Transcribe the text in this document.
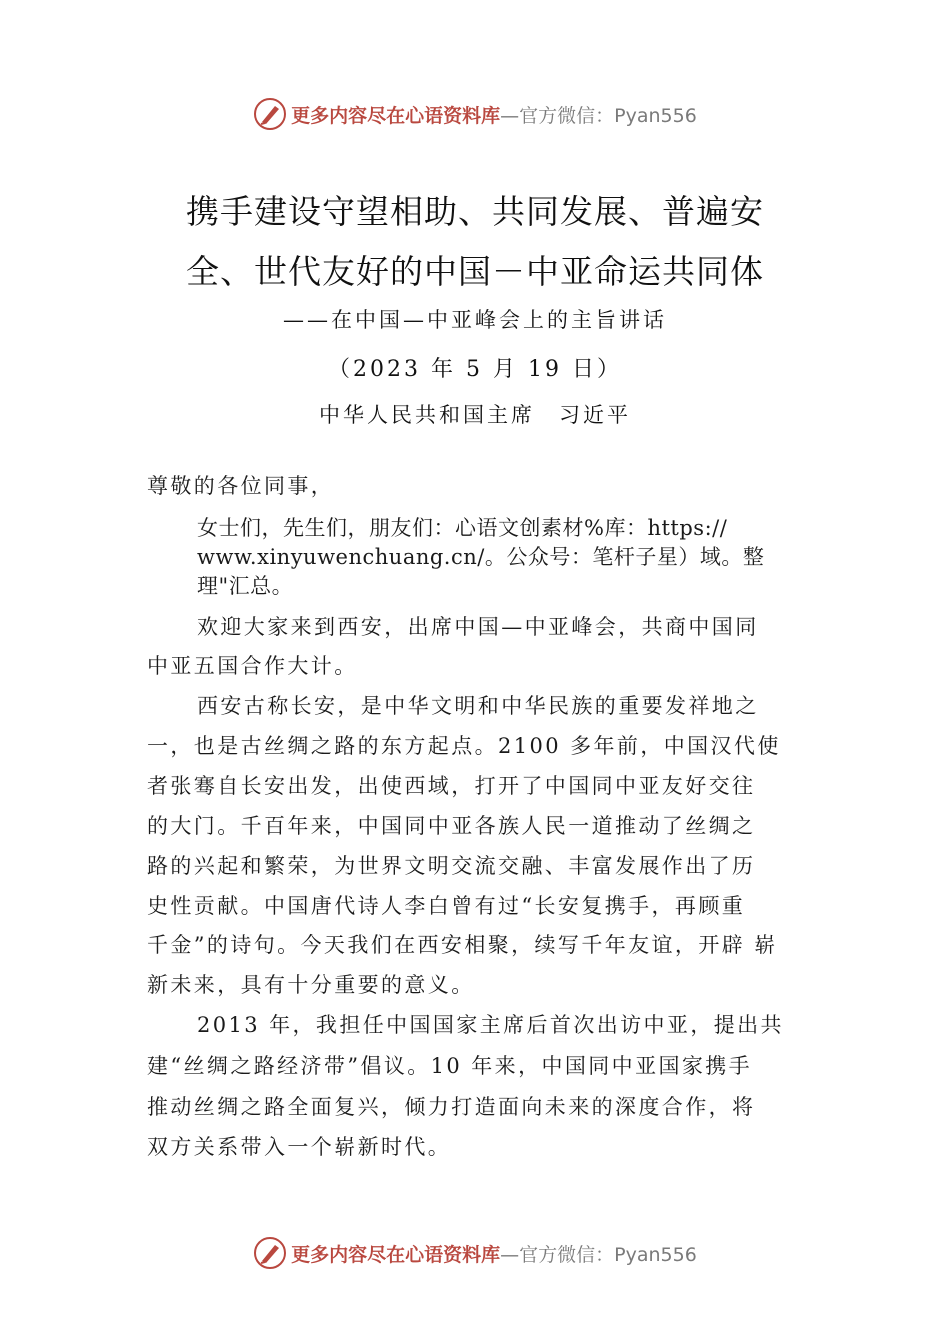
更多内容尽在心语资料库 —官方微信：Pyan556
携手建设守望相助、共同发展、普遍安
全、世代友好的中国－中亚命运共同体
——在中国—中亚峰会上的主旨讲话
（2023 年 5 月 19 日）
中华人民共和国主席　习近平
尊敬的各位同事，
女士们，先生们，朋友们：心语文创素材%库：https://
www.xinyuwenchuang.cn/。公众号：笔杆子星）域。整
理"汇总。
欢迎大家来到西安，出席中国—中亚峰会，共商中国同
中亚五国合作大计。
西安古称长安，是中华文明和中华民族的重要发祥地之
一，也是古丝绸之路的东方起点。2100 多年前，中国汉代使
者张骞自长安出发，出使西域，打开了中国同中亚友好交往
的大门。千百年来，中国同中亚各族人民一道推动了丝绸之
路的兴起和繁荣，为世界文明交流交融、丰富发展作出了历
史性贡献。中国唐代诗人李白曾有过“长安复携手，再顾重
千金”的诗句。今天我们在西安相聚，续写千年友谊，开辟 崭
新未来，具有十分重要的意义。
2013 年，我担任中国国家主席后首次出访中亚，提出共
建“丝绸之路经济带”倡议。10 年来，中国同中亚国家携手
推动丝绸之路全面复兴，倾力打造面向未来的深度合作，将
双方关系带入一个崭新时代。
更多内容尽在心语资料库 —官方微信：Pyan556
